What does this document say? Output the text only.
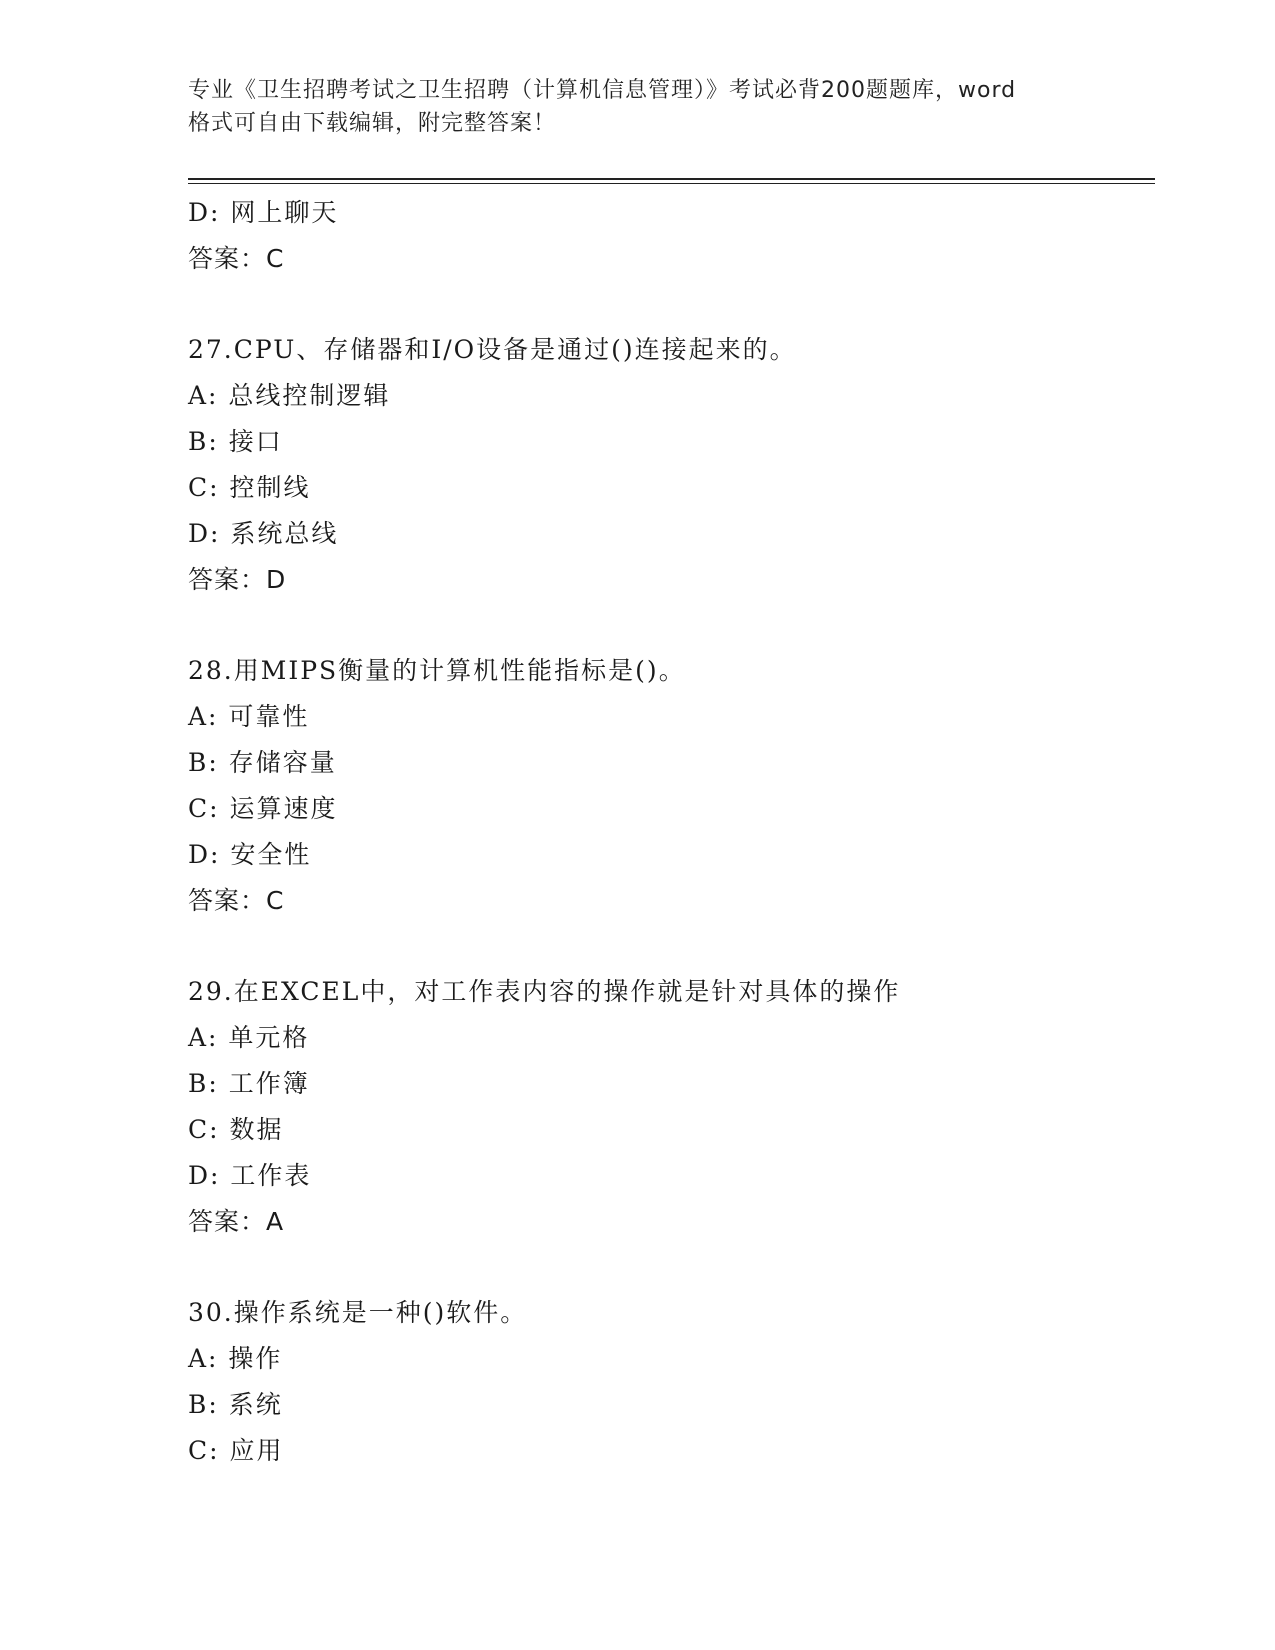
专业《卫生招聘考试之卫生招聘（计算机信息管理）》考试必背200题题库，word
格式可自由下载编辑，附完整答案！
D: 网上聊天
答案：C
27.CPU、存储器和I/O设备是通过()连接起来的。
A: 总线控制逻辑
B: 接口
C: 控制线
D: 系统总线
答案：D
28.用MIPS衡量的计算机性能指标是()。
A: 可靠性
B: 存储容量
C: 运算速度
D: 安全性
答案：C
29.在EXCEL中，对工作表内容的操作就是针对具体的操作
A: 单元格
B: 工作簿
C: 数据
D: 工作表
答案：A
30.操作系统是一种()软件。
A: 操作
B: 系统
C: 应用
